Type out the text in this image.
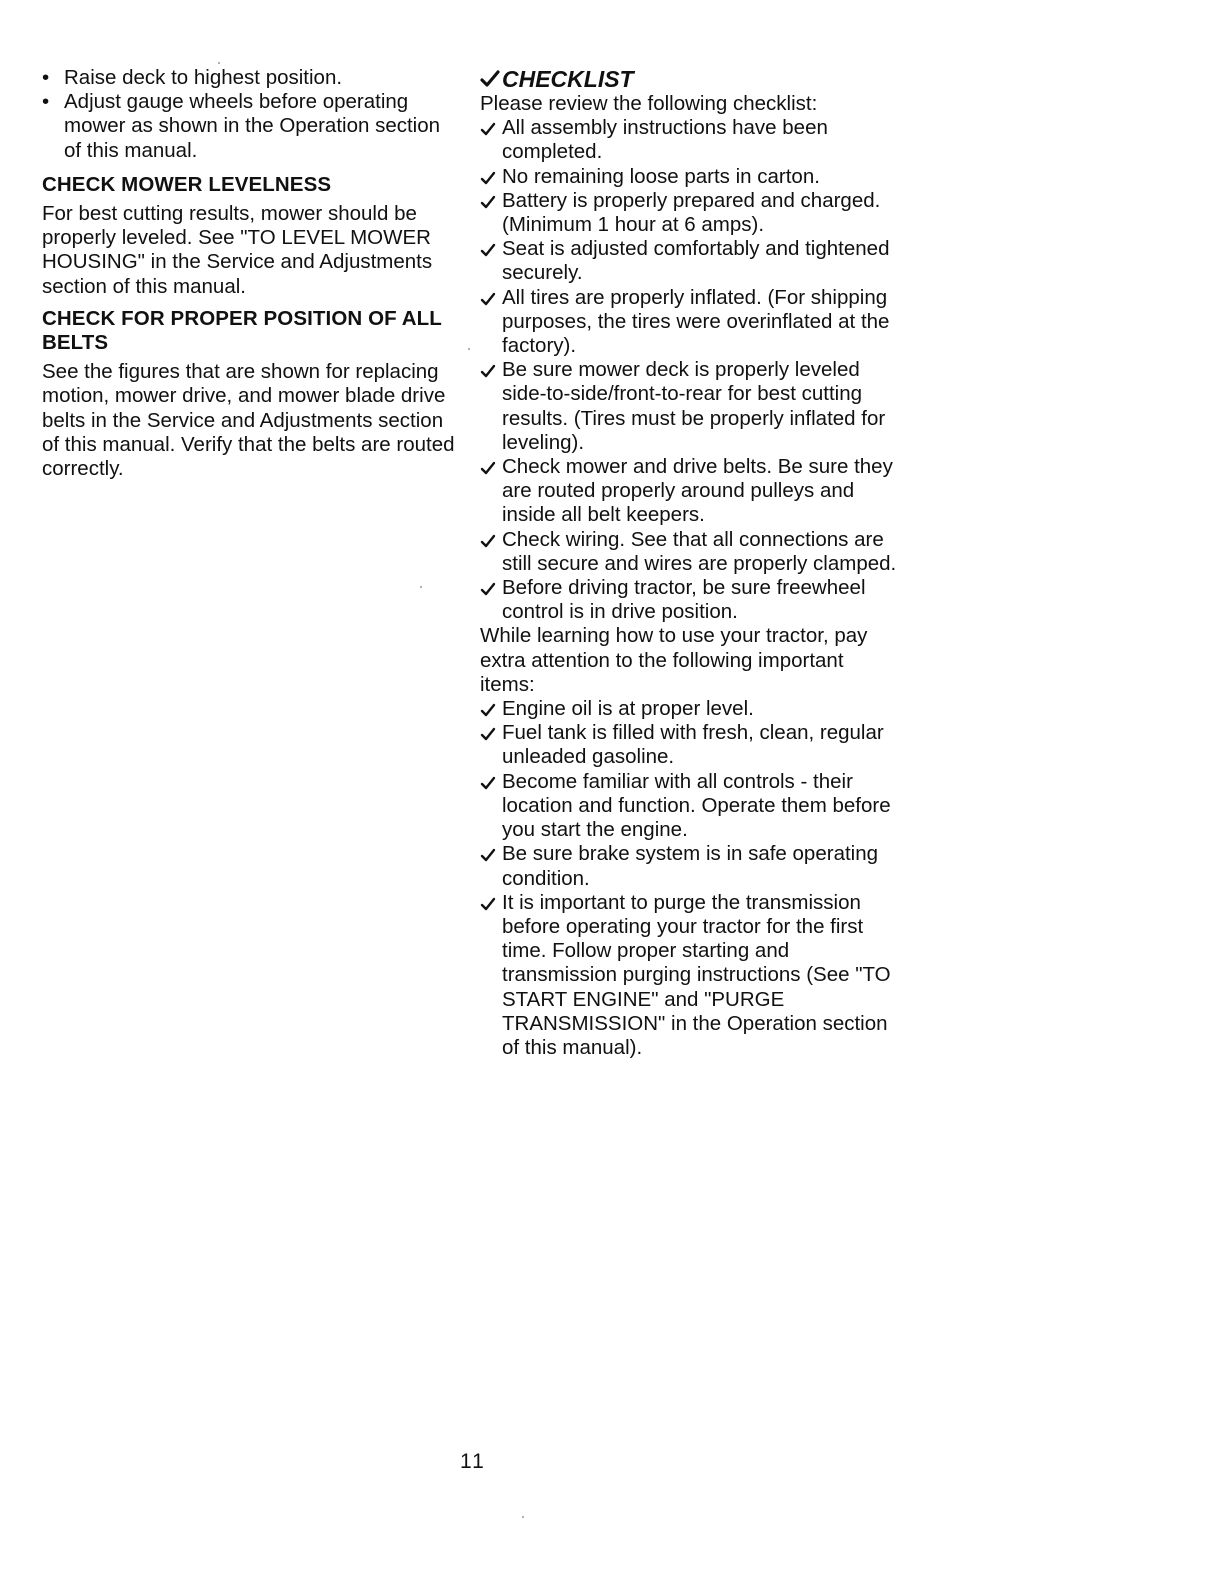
• Raise deck to highest position.
• Adjust gauge wheels before operating mower as shown in the Operation section of this manual.

CHECK MOWER LEVELNESS

For best cutting results, mower should be properly leveled. See "TO LEVEL MOWER HOUSING" in the Service and Adjustments section of this manual.

CHECK FOR PROPER POSITION OF ALL BELTS

See the figures that are shown for replacing motion, mower drive, and mower blade drive belts in the Service and Adjustments section of this manual. Verify that the belts are routed correctly.

CHECKLIST

Please review the following checklist:

All assembly instructions have been completed.
No remaining loose parts in carton.
Battery is properly prepared and charged. (Minimum 1 hour at 6 amps).
Seat is adjusted comfortably and tightened securely.
All tires are properly inflated. (For shipping purposes, the tires were overinflated at the factory).
Be sure mower deck is properly leveled side-to-side/front-to-rear for best cutting results. (Tires must be properly inflated for leveling).
Check mower and drive belts. Be sure they are routed properly around pulleys and inside all belt keepers.
Check wiring. See that all connections are still secure and wires are properly clamped.
Before driving tractor, be sure freewheel control is in drive position.

While learning how to use your tractor, pay extra attention to the following important items:

Engine oil is at proper level.
Fuel tank is filled with fresh, clean, regular unleaded gasoline.
Become familiar with all controls - their location and function. Operate them before you start the engine.
Be sure brake system is in safe operating condition.
It is important to purge the transmission before operating your tractor for the first time. Follow proper starting and transmission purging instructions (See "TO START ENGINE" and "PURGE TRANSMISSION" in the Operation section of this manual).
11
